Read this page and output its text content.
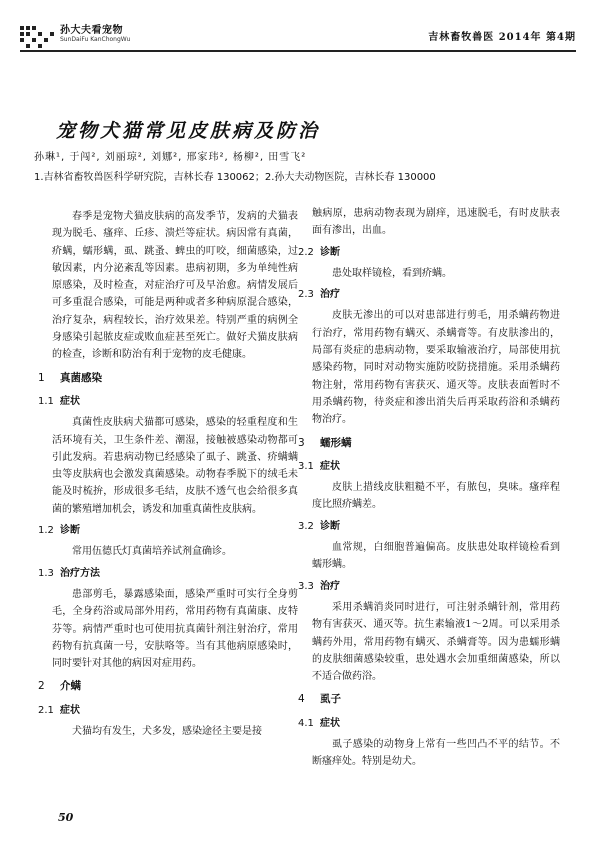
孙大夫看宠物
SunDaiFu KanChongWu	吉林畜牧兽医 2014年 第4期
宠物犬猫常见皮肤病及防治
孙琳¹, 于闯², 刘丽琼², 刘娜², 邢家玮², 杨柳², 田雪飞²
1.吉林省畜牧兽医科学研究院，吉林长春 130062；2.孙大夫动物医院，吉林长春 130000

春季是宠物犬猫皮肤病的高发季节，发病的犬猫表现为脱毛、瘙痒、丘疹、溃烂等症状。病因常有真菌，疥螨，蠕形螨，虱、跳蚤、蜱虫的叮咬，细菌感染，过敏因素，内分泌紊乱等因素。患病初期，多为单纯性病原感染，及时检查，对症治疗可及早治愈。病情发展后可多重混合感染，可能是两种或者多种病原混合感染，治疗复杂，病程较长，治疗效果差。特别严重的病例全身感染引起脓皮症或败血症甚至死亡。做好犬猫皮肤病的检查，诊断和防治有利于宠物的皮毛健康。

1 真菌感染
1.1 症状

真菌性皮肤病犬猫都可感染，感染的轻重程度和生活环境有关，卫生条件差、潮湿，接触被感染动物都可引此发病。若患病动物已经感染了虱子、跳蚤、疥螨螨虫等皮肤病也会激发真菌感染。动物春季脱下的绒毛未能及时梳拚，形成很多毛结，皮肤不透气也会给很多真菌的繁殖增加机会，诱发和加重真菌性皮肤病。

1.2 诊断

常用伍德氏灯真菌培养试剂盒确诊。

1.3 治疗方法

患部剪毛，暴露感染面，感染严重时可实行全身剪毛，全身药浴或局部外用药，常用药物有真菌康、皮特芬等。病情严重时也可使用抗真菌针剂注射治疗，常用药物有抗真菌一号，安肤咯等。当有其他病原感染时，同时要针对其他的病因对症用药。

2 介螨
2.1 症状

犬猫均有发生，犬多发，感染途径主要是接

触病原，患病动物表现为剧痒，迅速脱毛，有时皮肤表面有渗出，出血。

2.2 诊断

患处取样镜检，看到疥螨。

2.3 治疗

皮肤无渗出的可以对患部进行剪毛，用杀螨药物进行治疗，常用药物有螨灭、杀螨膏等。有皮肤渗出的，局部有炎症的患病动物，要采取输液治疗，局部使用抗感染药物，同时对动物实施防咬防挠措施。采用杀螨药物注射，常用药物有害获灭、通灭等。皮肤表面暂时不用杀螨药物，待炎症和渗出消失后再采取药浴和杀螨药物治疗。

3 蠕形螨
3.1 症状

皮肤上措线皮肤粗糙不平，有脓包，臭味。瘙痒程度比照疥螨差。

3.2 诊断

血常规，白细胞普遍偏高。皮肤患处取样镜检看到蠕形螨。

3.3 治疗

采用杀螨消炎同时进行，可注射杀螨针剂，常用药物有害获灭、通灭等。抗生素输液1～2周。可以采用杀螨药外用，常用药物有螨灭、杀螨膏等。因为患蠕形螨的皮肤细菌感染较重，患处遇水会加重细菌感染，所以不适合做药浴。

4 虱子
4.1 症状

虱子感染的动物身上常有一些凹凸不平的结节。不断瘙痒处。特别是幼犬。

50
